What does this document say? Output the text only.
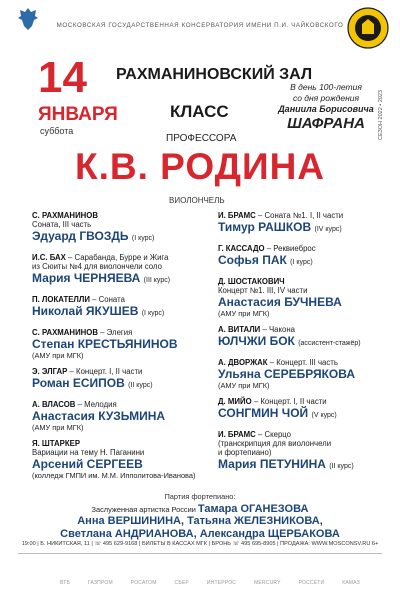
МОСКОВСКАЯ ГОСУДАРСТВЕННАЯ КОНСЕРВАТОРИЯ ИМЕНИ П.И. ЧАЙКОВСКОГО
14
ЯНВАРЯ
суббота
РАХМАНИНОВСКИЙ ЗАЛ
В день 100-летия
со дня рождения
Даниила Борисовича
ШАФРАНА	СЕЗОН 2022 • 2023
КЛАСС
ПРОФЕССОРА
К.В. РОДИНА
ВИОЛОНЧЕЛЬ
С. РАХМАНИНОВ
Соната, III часть
Эдуард ГВОЗДЬ (I курс)
И.С. БАХ – Сарабанда, Бурре и Жига
из Сюиты №4 для виолончели соло
Мария ЧЕРНЯЕВА (III курс)
П. ЛОКАТЕЛЛИ – Соната
Николай ЯКУШЕВ (I курс)
С. РАХМАНИНОВ – Элегия
Степан КРЕСТЬЯНИНОВ
(АМУ при МГК)
Э. ЭЛГАР – Концерт. I, II части
Роман ЕСИПОВ (II курс)
А. ВЛАСОВ – Мелодия
Анастасия КУЗЬМИНА
(АМУ при МГК)
Я. ШТАРКЕР
Вариации на тему Н. Паганини
Арсений СЕРГЕЕВ
(колледж ГМПИ им. М.М. Ипполитова-Иванова)
И. БРАМС – Соната №1. I, II части
Тимур РАШКОВ (IV курс)
Г. КАССАДО – Реквиеброс
Софья ПАК (I курс)
Д. ШОСТАКОВИЧ
Концерт №1. III, IV части
Анастасия БУЧНЕВА
(АМУ при МГК)
А. ВИТАЛИ – Чакона
ЮЛЧЖИ БОК (ассистент-стажёр)
А. ДВОРЖАК – Концерт. III часть
Ульяна СЕРЕБРЯКОВА
(АМУ при МГК)
Д. МИЙО – Концерт. I, II части
СОНГМИН ЧОЙ (V курс)
И. БРАМС – Скерцо
(транскрипция для виолончели
и фортепиано)
Мария ПЕТУНИНА (II курс)
Партия фортепиано:
Заслуженная артистка России Тамара ОГАНЕЗОВА
Анна ВЕРШИНИНА, Татьяна ЖЕЛЕЗНИКОВА,
Светлана АНДРИАНОВА, Александра ЩЕРБАКОВА
19:00 | Б. НИКИТСКАЯ, 11 | ☏ 495 629-9168 | БИЛЕТЫ В КАССАХ МГК | БРОНЬ ☏ 495 695-8905 | ПРОДАЖА: WWW.MOSCONSV.RU 6+
ВТБ	ГАЗПРОМ	РОСАТОМ	СБЕР	ИНТЕРРОС	MERCURY	РОССЕТИ	КАМАЗ
